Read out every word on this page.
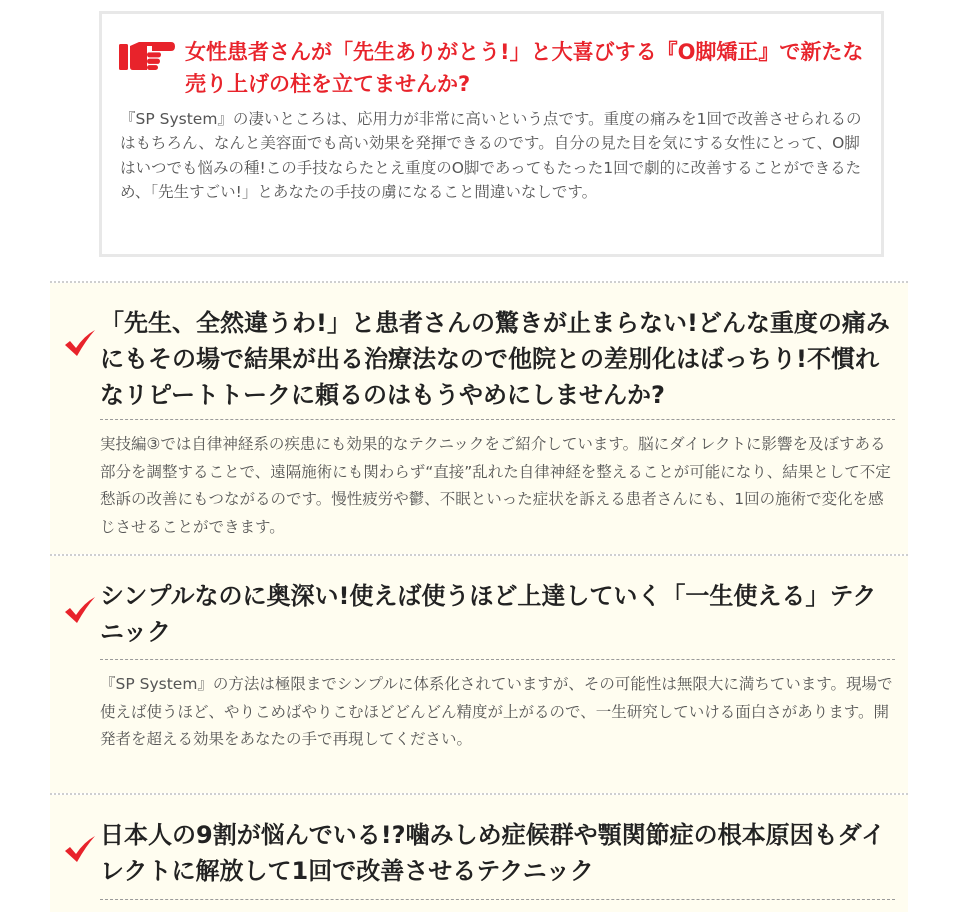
女性患者さんが「先生ありがとう!」と大喜びする『O脚矯正』で新たな売り上げの柱を立てませんか?

『SP System』の凄いところは、応用力が非常に高いという点です。重度の痛みを1回で改善させられるのはもちろん、なんと美容面でも高い効果を発揮できるのです。自分の見た目を気にする女性にとって、O脚はいつでも悩みの種!この手技ならたとえ重度のO脚であってもたった1回で劇的に改善することができるため、「先生すごい!」とあなたの手技の虜になること間違いなしです。

「先生、全然違うわ!」と患者さんの驚きが止まらない!どんな重度の痛みにもその場で結果が出る治療法なので他院との差別化はばっちり!不慣れなリピートトークに頼るのはもうやめにしませんか?

実技編③では自律神経系の疾患にも効果的なテクニックをご紹介しています。脳にダイレクトに影響を及ぼすある部分を調整することで、遠隔施術にも関わらず“直接”乱れた自律神経を整えることが可能になり、結果として不定愁訴の改善にもつながるのです。慢性疲労や鬱、不眠といった症状を訴える患者さんにも、1回の施術で変化を感じさせることができます。

シンプルなのに奥深い!使えば使うほど上達していく「一生使える」テクニック

『SP System』の方法は極限までシンプルに体系化されていますが、その可能性は無限大に満ちています。現場で使えば使うほど、やりこめばやりこむほどどんどん精度が上がるので、一生研究していける面白さがあります。開発者を超える効果をあなたの手で再現してください。

日本人の9割が悩んでいる!?噛みしめ症候群や顎関節症の根本原因もダイレクトに解放して1回で改善させるテクニック
